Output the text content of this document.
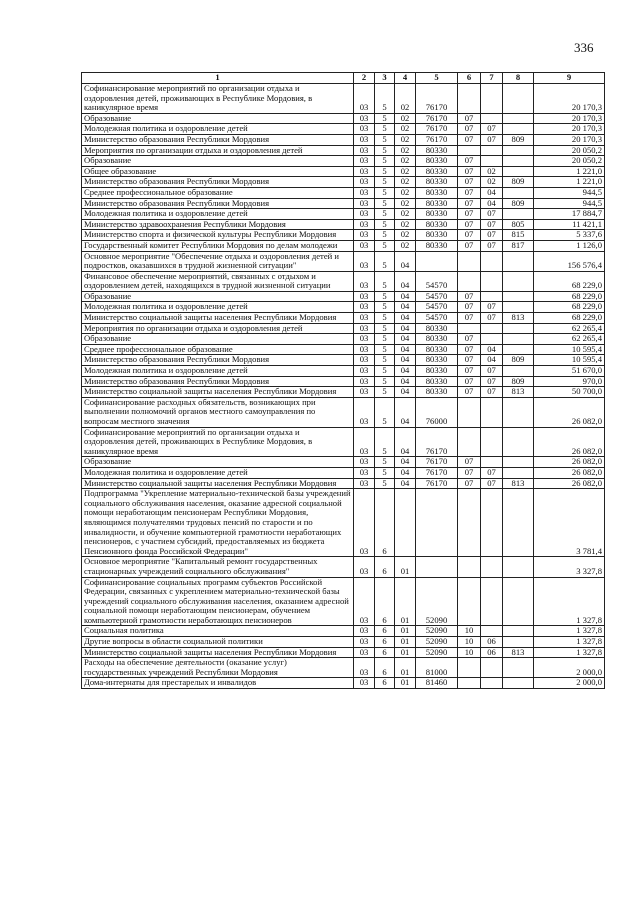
336
1	2	3	4	5	6	7	8	9
Софинансирование мероприятий по организации отдыха и оздоровления детей, проживающих в Республике Мордовия, в каникулярное время	03	5	02	76170				20 170,3
Образование	03	5	02	76170	07			20 170,3
Молодежная политика и оздоровление детей	03	5	02	76170	07	07		20 170,3
Министерство образования Республики Мордовия	03	5	02	76170	07	07	809	20 170,3
Мероприятия по организации отдыха и оздоровления детей	03	5	02	80330				20 050,2
Образование	03	5	02	80330	07			20 050,2
Общее образование	03	5	02	80330	07	02		1 221,0
Министерство образования Республики Мордовия	03	5	02	80330	07	02	809	1 221,0
Среднее профессиональное образование	03	5	02	80330	07	04		944,5
Министерство образования Республики Мордовия	03	5	02	80330	07	04	809	944,5
Молодежная политика и оздоровление детей	03	5	02	80330	07	07		17 884,7
Министерство здравоохранения Республики Мордовия	03	5	02	80330	07	07	805	11 421,1
Министерство спорта и физической культуры Республики Мордовия	03	5	02	80330	07	07	815	5 337,6
Государственный комитет Республики Мордовия по делам молодежи	03	5	02	80330	07	07	817	1 126,0
Основное мероприятие "Обеспечение отдыха и оздоровления детей и подростков, оказавшихся в трудной жизненной ситуации"	03	5	04					156 576,4
Финансовое обеспечение мероприятий, связанных с отдыхом и оздоровлением детей, находящихся в трудной жизненной ситуации	03	5	04	54570				68 229,0
Образование	03	5	04	54570	07			68 229,0
Молодежная политика и оздоровление детей	03	5	04	54570	07	07		68 229,0
Министерство социальной защиты населения Республики Мордовия	03	5	04	54570	07	07	813	68 229,0
Мероприятия по организации отдыха и оздоровления детей	03	5	04	80330				62 265,4
Образование	03	5	04	80330	07			62 265,4
Среднее профессиональное образование	03	5	04	80330	07	04		10 595,4
Министерство образования Республики Мордовия	03	5	04	80330	07	04	809	10 595,4
Молодежная политика и оздоровление детей	03	5	04	80330	07	07		51 670,0
Министерство образования Республики Мордовия	03	5	04	80330	07	07	809	970,0
Министерство социальной защиты населения Республики Мордовия	03	5	04	80330	07	07	813	50 700,0
Софинансирование расходных обязательств, возникающих при выполнении полномочий органов местного самоуправления по вопросам местного значения	03	5	04	76000				26 082,0
Софинансирование мероприятий по организации отдыха и оздоровления детей, проживающих в Республике Мордовия, в каникулярное время	03	5	04	76170				26 082,0
Образование	03	5	04	76170	07			26 082,0
Молодежная политика и оздоровление детей	03	5	04	76170	07	07		26 082,0
Министерство социальной защиты населения Республики Мордовия	03	5	04	76170	07	07	813	26 082,0
Подпрограмма "Укрепление материально-технической базы учреждений социального обслуживания населения, оказание адресной социальной помощи неработающим пенсионерам Республики Мордовия, являющимся получателями трудовых пенсий по старости и по инвалидности, и обучение компьютерной грамотности неработающих пенсионеров, с участием субсидий, предоставляемых из бюджета Пенсионного фонда Российской Федерации"	03	6						3 781,4
Основное мероприятие "Капитальный ремонт государственных стационарных учреждений социального обслуживания"	03	6	01					3 327,8
Софинансирование социальных программ субъектов Российской Федерации, связанных с укреплением материально-технической базы учреждений социального обслуживания населения, оказанием адресной социальной помощи неработающим пенсионерам, обучением компьютерной грамотности неработающих пенсионеров	03	6	01	52090				1 327,8
Социальная политика	03	6	01	52090	10			1 327,8
Другие вопросы в области социальной политики	03	6	01	52090	10	06		1 327,8
Министерство социальной защиты населения Республики Мордовия	03	6	01	52090	10	06	813	1 327,8
Расходы на обеспечение деятельности (оказание услуг) государственных учреждений Республики Мордовия	03	6	01	81000				2 000,0
Дома-интернаты для престарелых и инвалидов	03	6	01	81460				2 000,0
